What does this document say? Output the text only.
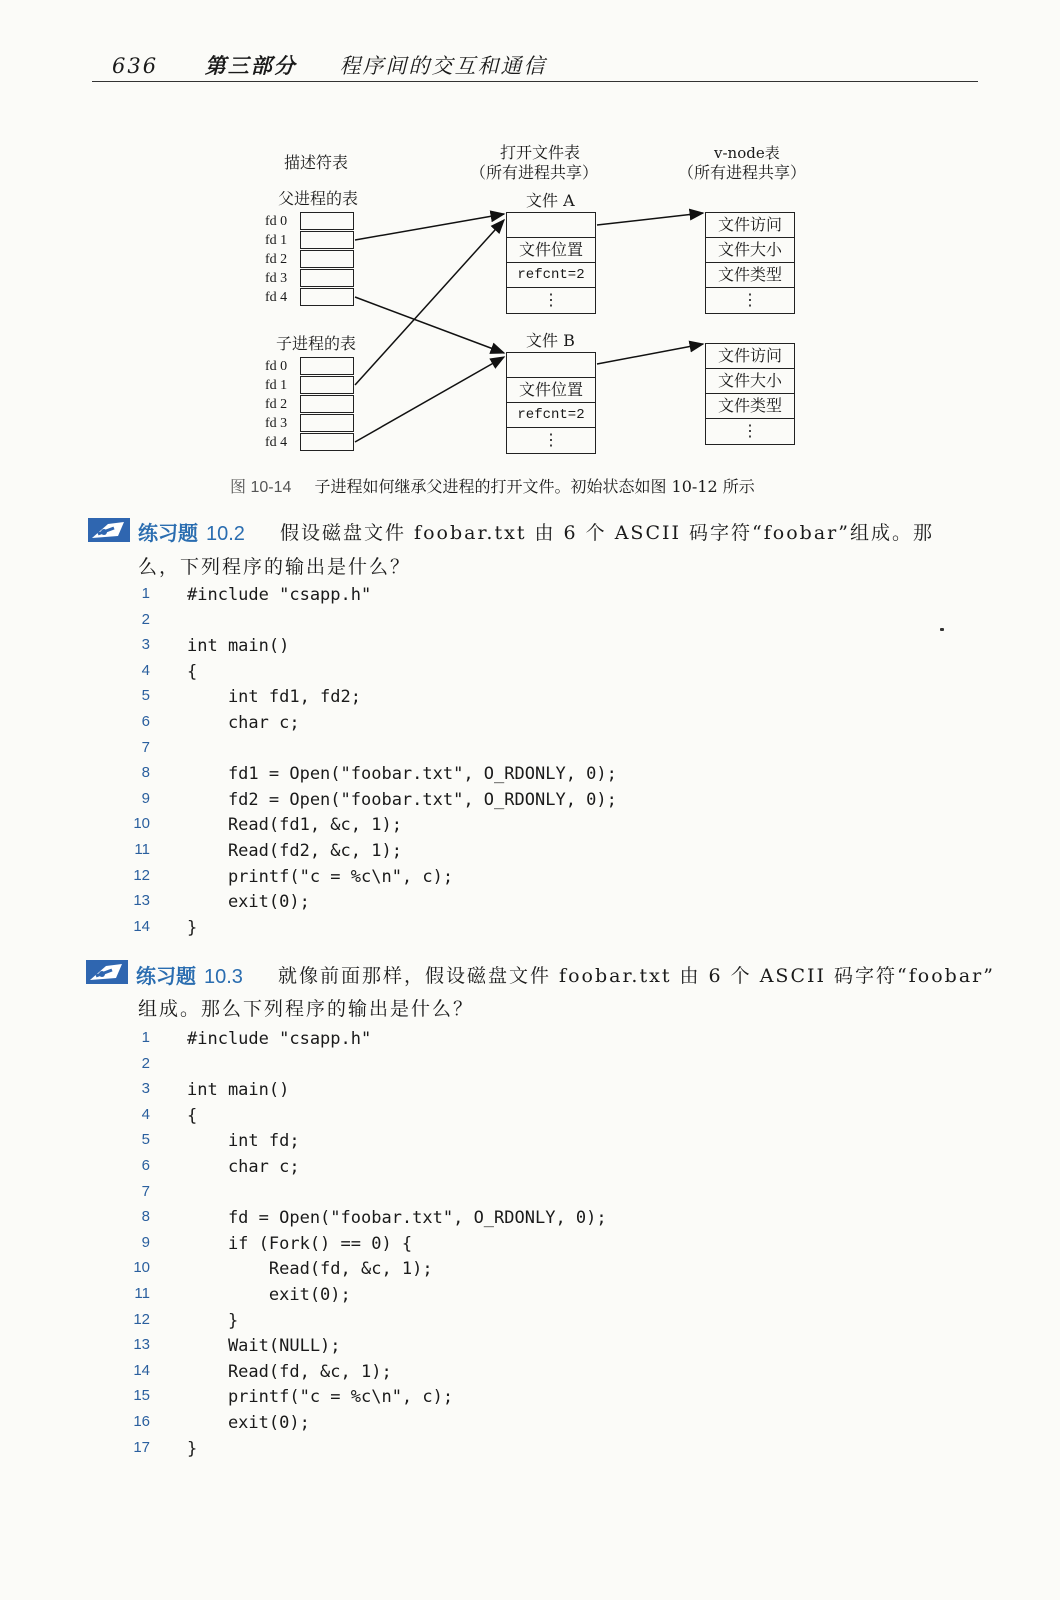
636 第三部分 程序间的交互和通信
描述符表
打开文件表
（所有进程共享）
v-node表
（所有进程共享）
父进程的表
子进程的表
fd 0
fd 1
fd 2
fd 3
fd 4
fd 0
fd 1
fd 2
fd 3
fd 4
文件 A
文件位置
refcnt=2
⋮
文件 B
文件位置
refcnt=2
⋮
文件访问
文件大小
文件类型
⋮
文件访问
文件大小
文件类型
⋮
图 10-14 子进程如何继承父进程的打开文件。初始状态如图 10-12 所示
练习题 10.2 假设磁盘文件 foobar.txt 由 6 个 ASCII 码字符“foobar”组成。那
么，下列程序的输出是什么？
1 #include "csapp.h"
2
3 int main()
4 {
5 int fd1, fd2;
6 char c;
7
8 fd1 = Open("foobar.txt", O_RDONLY, 0);
9 fd2 = Open("foobar.txt", O_RDONLY, 0);
10 Read(fd1, &c, 1);
11 Read(fd2, &c, 1);
12 printf("c = %c\n", c);
13 exit(0);
14 }
练习题 10.3 就像前面那样，假设磁盘文件 foobar.txt 由 6 个 ASCII 码字符“foobar”
组成。那么下列程序的输出是什么？
1 #include "csapp.h"
2
3 int main()
4 {
5 int fd;
6 char c;
7
8 fd = Open("foobar.txt", O_RDONLY, 0);
9 if (Fork() == 0) {
10 Read(fd, &c, 1);
11 exit(0);
12 }
13 Wait(NULL);
14 Read(fd, &c, 1);
15 printf("c = %c\n", c);
16 exit(0);
17 }
